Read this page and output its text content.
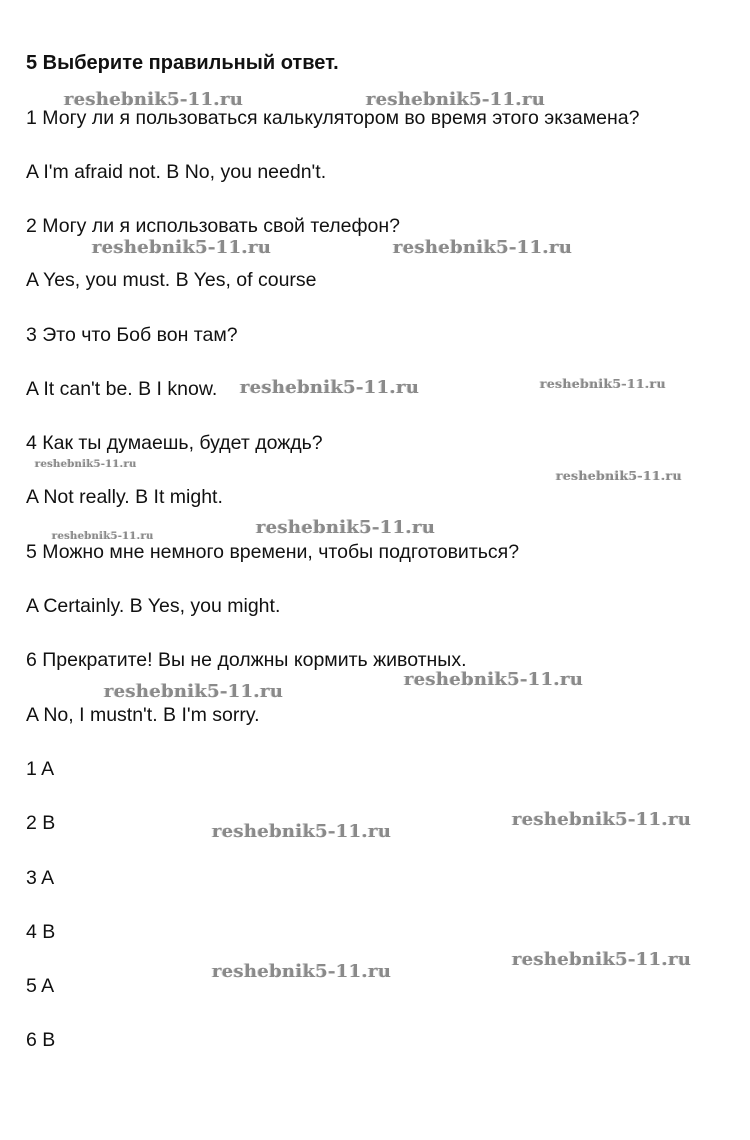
5 Выберите правильный ответ.

1 Могу ли я пользоваться калькулятором во время этого экзамена?

A I'm afraid not. B No, you needn't.

2 Могу ли я использовать свой телефон?

A Yes, you must. B Yes, of course

3 Это что Боб вон там?

A It can't be. B I know.

4 Как ты думаешь, будет дождь?

A Not really. B It might.

5 Можно мне немного времени, чтобы подготовиться?

A Certainly. B Yes, you might.

6 Прекратите! Вы не должны кормить животных.

A No, I mustn't. B I'm sorry.

1 A

2 B

3 A

4 B

5 A

6 B

reshebnik5-11.ru	reshebnik5-11.ru
reshebnik5-11.ru	reshebnik5-11.ru
reshebnik5-11.ru	reshebnik5-11.ru
reshebnik5-11.ru
reshebnik5-11.ru
reshebnik5-11.ru	reshebnik5-11.ru
reshebnik5-11.ru
reshebnik5-11.ru
reshebnik5-11.ru
reshebnik5-11.ru
reshebnik5-11.ru
reshebnik5-11.ru
